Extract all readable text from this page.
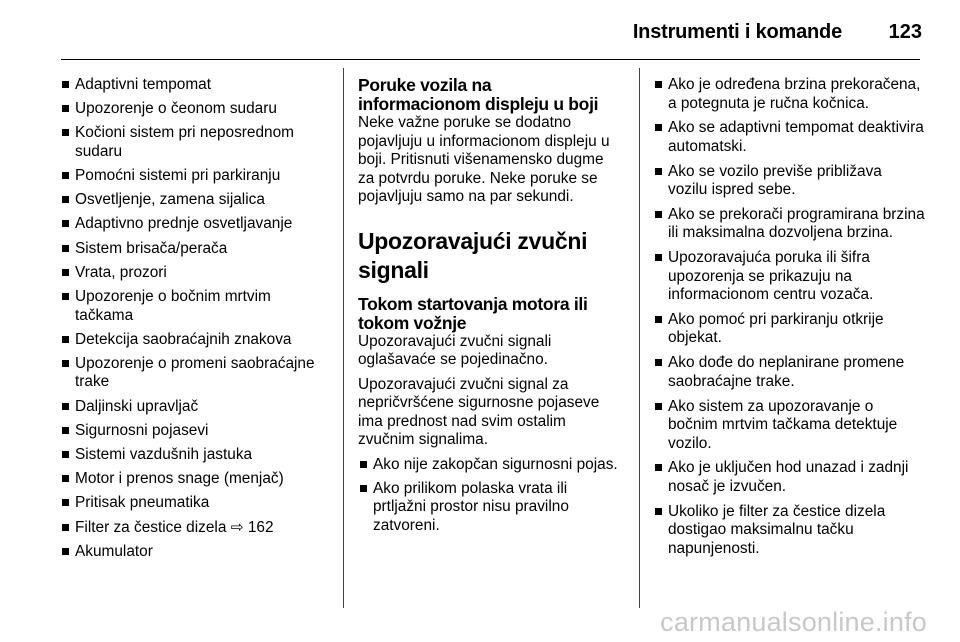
Instrumenti i komande 123
Adaptivni tempomat
Upozorenje o čeonom sudaru
Kočioni sistem pri neposrednom sudaru
Pomoćni sistemi pri parkiranju
Osvetljenje, zamena sijalica
Adaptivno prednje osvetljavanje
Sistem brisača/perača
Vrata, prozori
Upozorenje o bočnim mrtvim tačkama
Detekcija saobraćajnih znakova
Upozorenje o promeni saobraćajne trake
Daljinski upravljač
Sigurnosni pojasevi
Sistemi vazdušnih jastuka
Motor i prenos snage (menjač)
Pritisak pneumatika
Filter za čestice dizela ⇨ 162
Akumulator
Poruke vozila na informacionom displeju u boji

Neke važne poruke se dodatno pojavljuju u informacionom displeju u boji. Pritisnuti višenamensko dugme za potvrdu poruke. Neke poruke se pojavljuju samo na par sekundi.

Upozoravajući zvučni signali
Tokom startovanja motora ili tokom vožnje

Upozoravajući zvučni signali oglašavaće se pojedinačno.

Upozoravajući zvučni signal za nepričvršćene sigurnosne pojaseve ima prednost nad svim ostalim zvučnim signalima.

Ako nije zakopčan sigurnosni pojas.
Ako prilikom polaska vrata ili prtljažni prostor nisu pravilno zatvoreni.
Ako je određena brzina prekoračena, a potegnuta je ručna kočnica.
Ako se adaptivni tempomat deaktivira automatski.
Ako se vozilo previše približava vozilu ispred sebe.
Ako se prekorači programirana brzina ili maksimalna dozvoljena brzina.
Upozoravajuća poruka ili šifra upozorenja se prikazuju na informacionom centru vozača.
Ako pomoć pri parkiranju otkrije objekat.
Ako dođe do neplanirane promene saobraćajne trake.
Ako sistem za upozoravanje o bočnim mrtvim tačkama detektuje vozilo.
Ako je uključen hod unazad i zadnji nosač je izvučen.
Ukoliko je filter za čestice dizela dostigao maksimalnu tačku napunjenosti.
carmanualsonline.info
